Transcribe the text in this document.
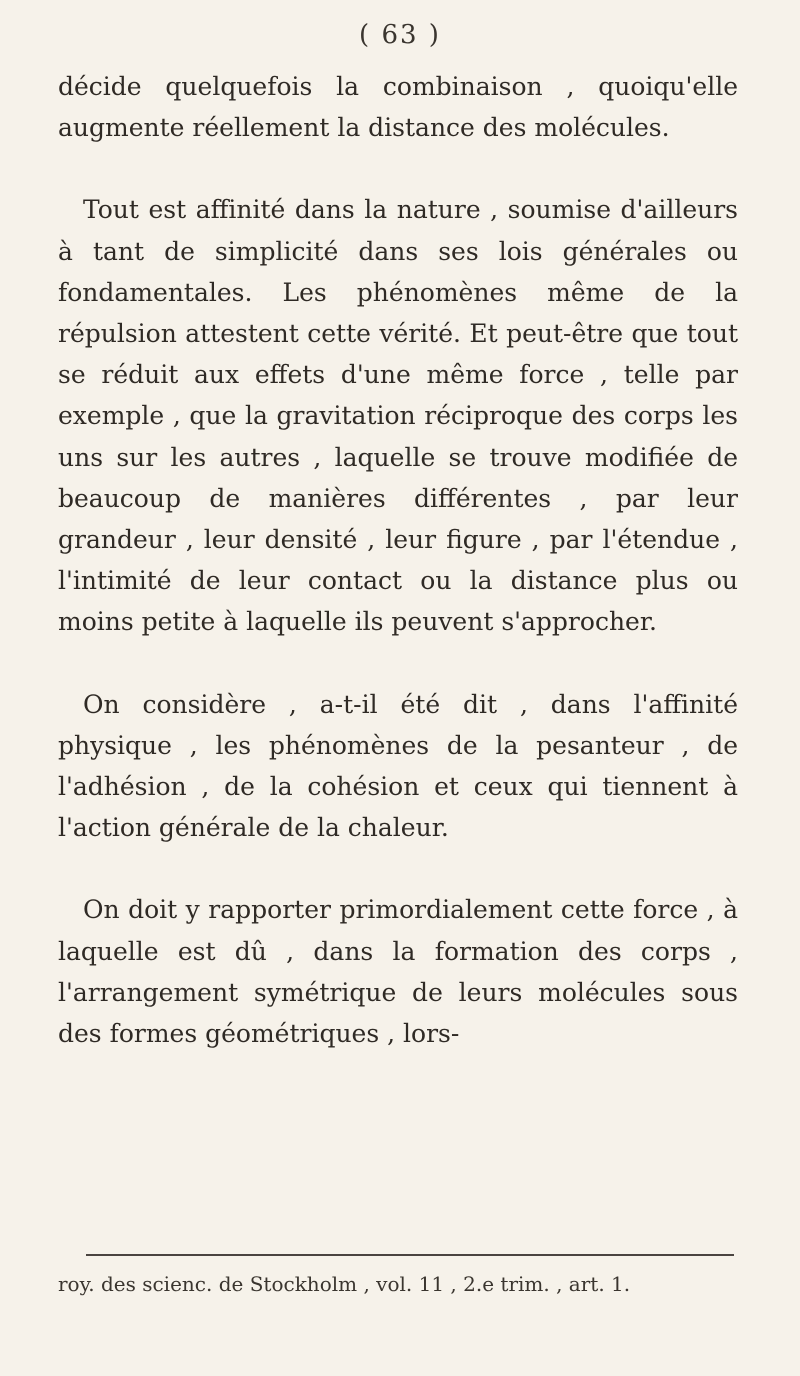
( 63 )

décide quelquefois la combinaison , quoiqu'elle augmente réellement la distance des molécules.

Tout est affinité dans la nature , soumise d'ailleurs à tant de simplicité dans ses lois générales ou fondamentales. Les phénomènes même de la répulsion attestent cette vérité. Et peut-être que tout se réduit aux effets d'une même force , telle par exemple , que la gravitation réciproque des corps les uns sur les autres , laquelle se trouve modifiée de beaucoup de manières différentes , par leur grandeur , leur densité , leur figure , par l'étendue , l'intimité de leur contact ou la distance plus ou moins petite à laquelle ils peuvent s'approcher.

On considère , a-t-il été dit , dans l'affinité physique , les phénomènes de la pesanteur , de l'adhésion , de la cohésion et ceux qui tiennent à l'action générale de la chaleur.

On doit y rapporter primordialement cette force , à laquelle est dû , dans la formation des corps , l'arrangement symétrique de leurs molécules sous des formes géométriques , lors-

roy. des scienc. de Stockholm , vol. 11 , 2.e trim. , art. 1.
